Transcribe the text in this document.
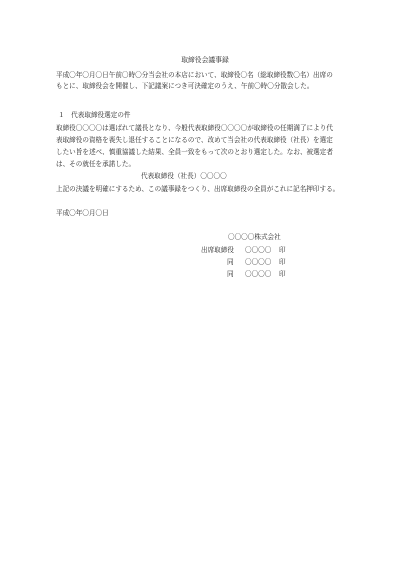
取締役会議事録
平成〇年〇月〇日午前〇時〇分当会社の本店において、取締役〇名（総取締役数〇名）出席の
もとに、取締役会を開催し、下記議案につき可決確定のうえ、午前〇時〇分散会した。
１　代表取締役選定の件
取締役〇〇〇〇は選ばれて議長となり、今般代表取締役〇〇〇〇が取締役の任期満了により代
表取締役の資格を喪失し退任することになるので、改めて当会社の代表取締役（社長）を選定
したい旨を述べ、慎重協議した結果、全員一致をもって次のとおり選定した。なお、被選定者
は、その就任を承諾した。
代表取締役（社長）〇〇〇〇
上記の決議を明確にするため、この議事録をつくり、出席取締役の全員がこれに記名押印する。
平成〇年〇月〇日
〇〇〇〇株式会社
出席取締役 〇〇〇〇 印
同 〇〇〇〇 印
同 〇〇〇〇 印
